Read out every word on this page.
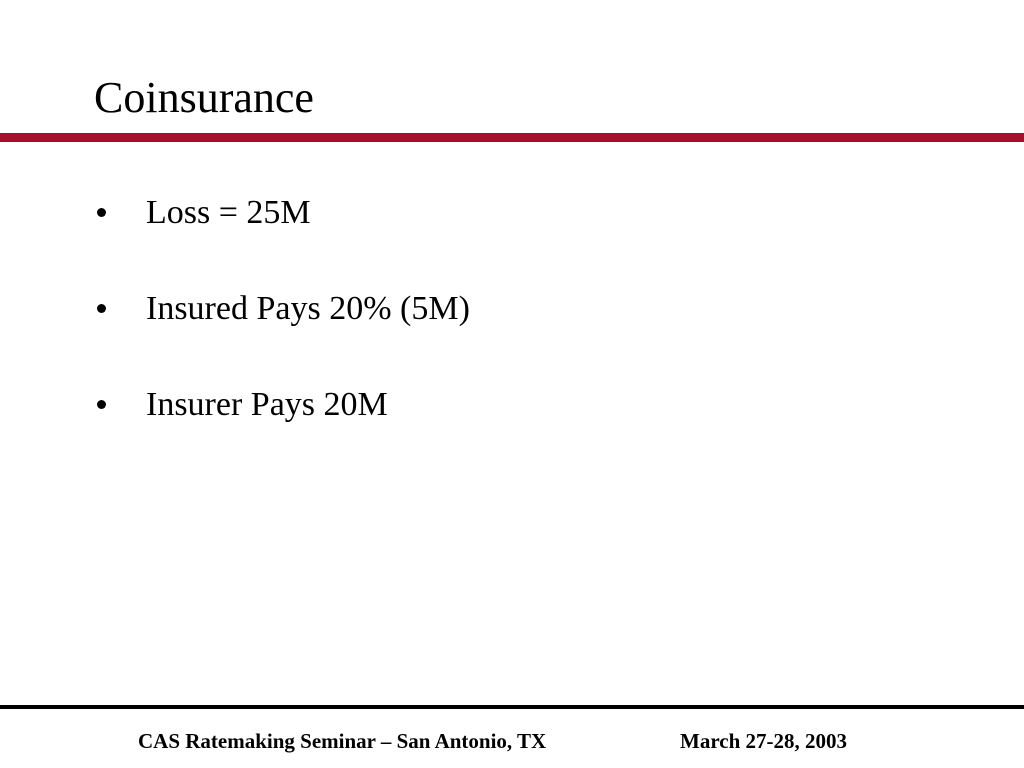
Coinsurance
Loss = 25M
Insured Pays 20% (5M)
Insurer Pays 20M
CAS Ratemaking Seminar – San Antonio, TX	March 27-28, 2003
